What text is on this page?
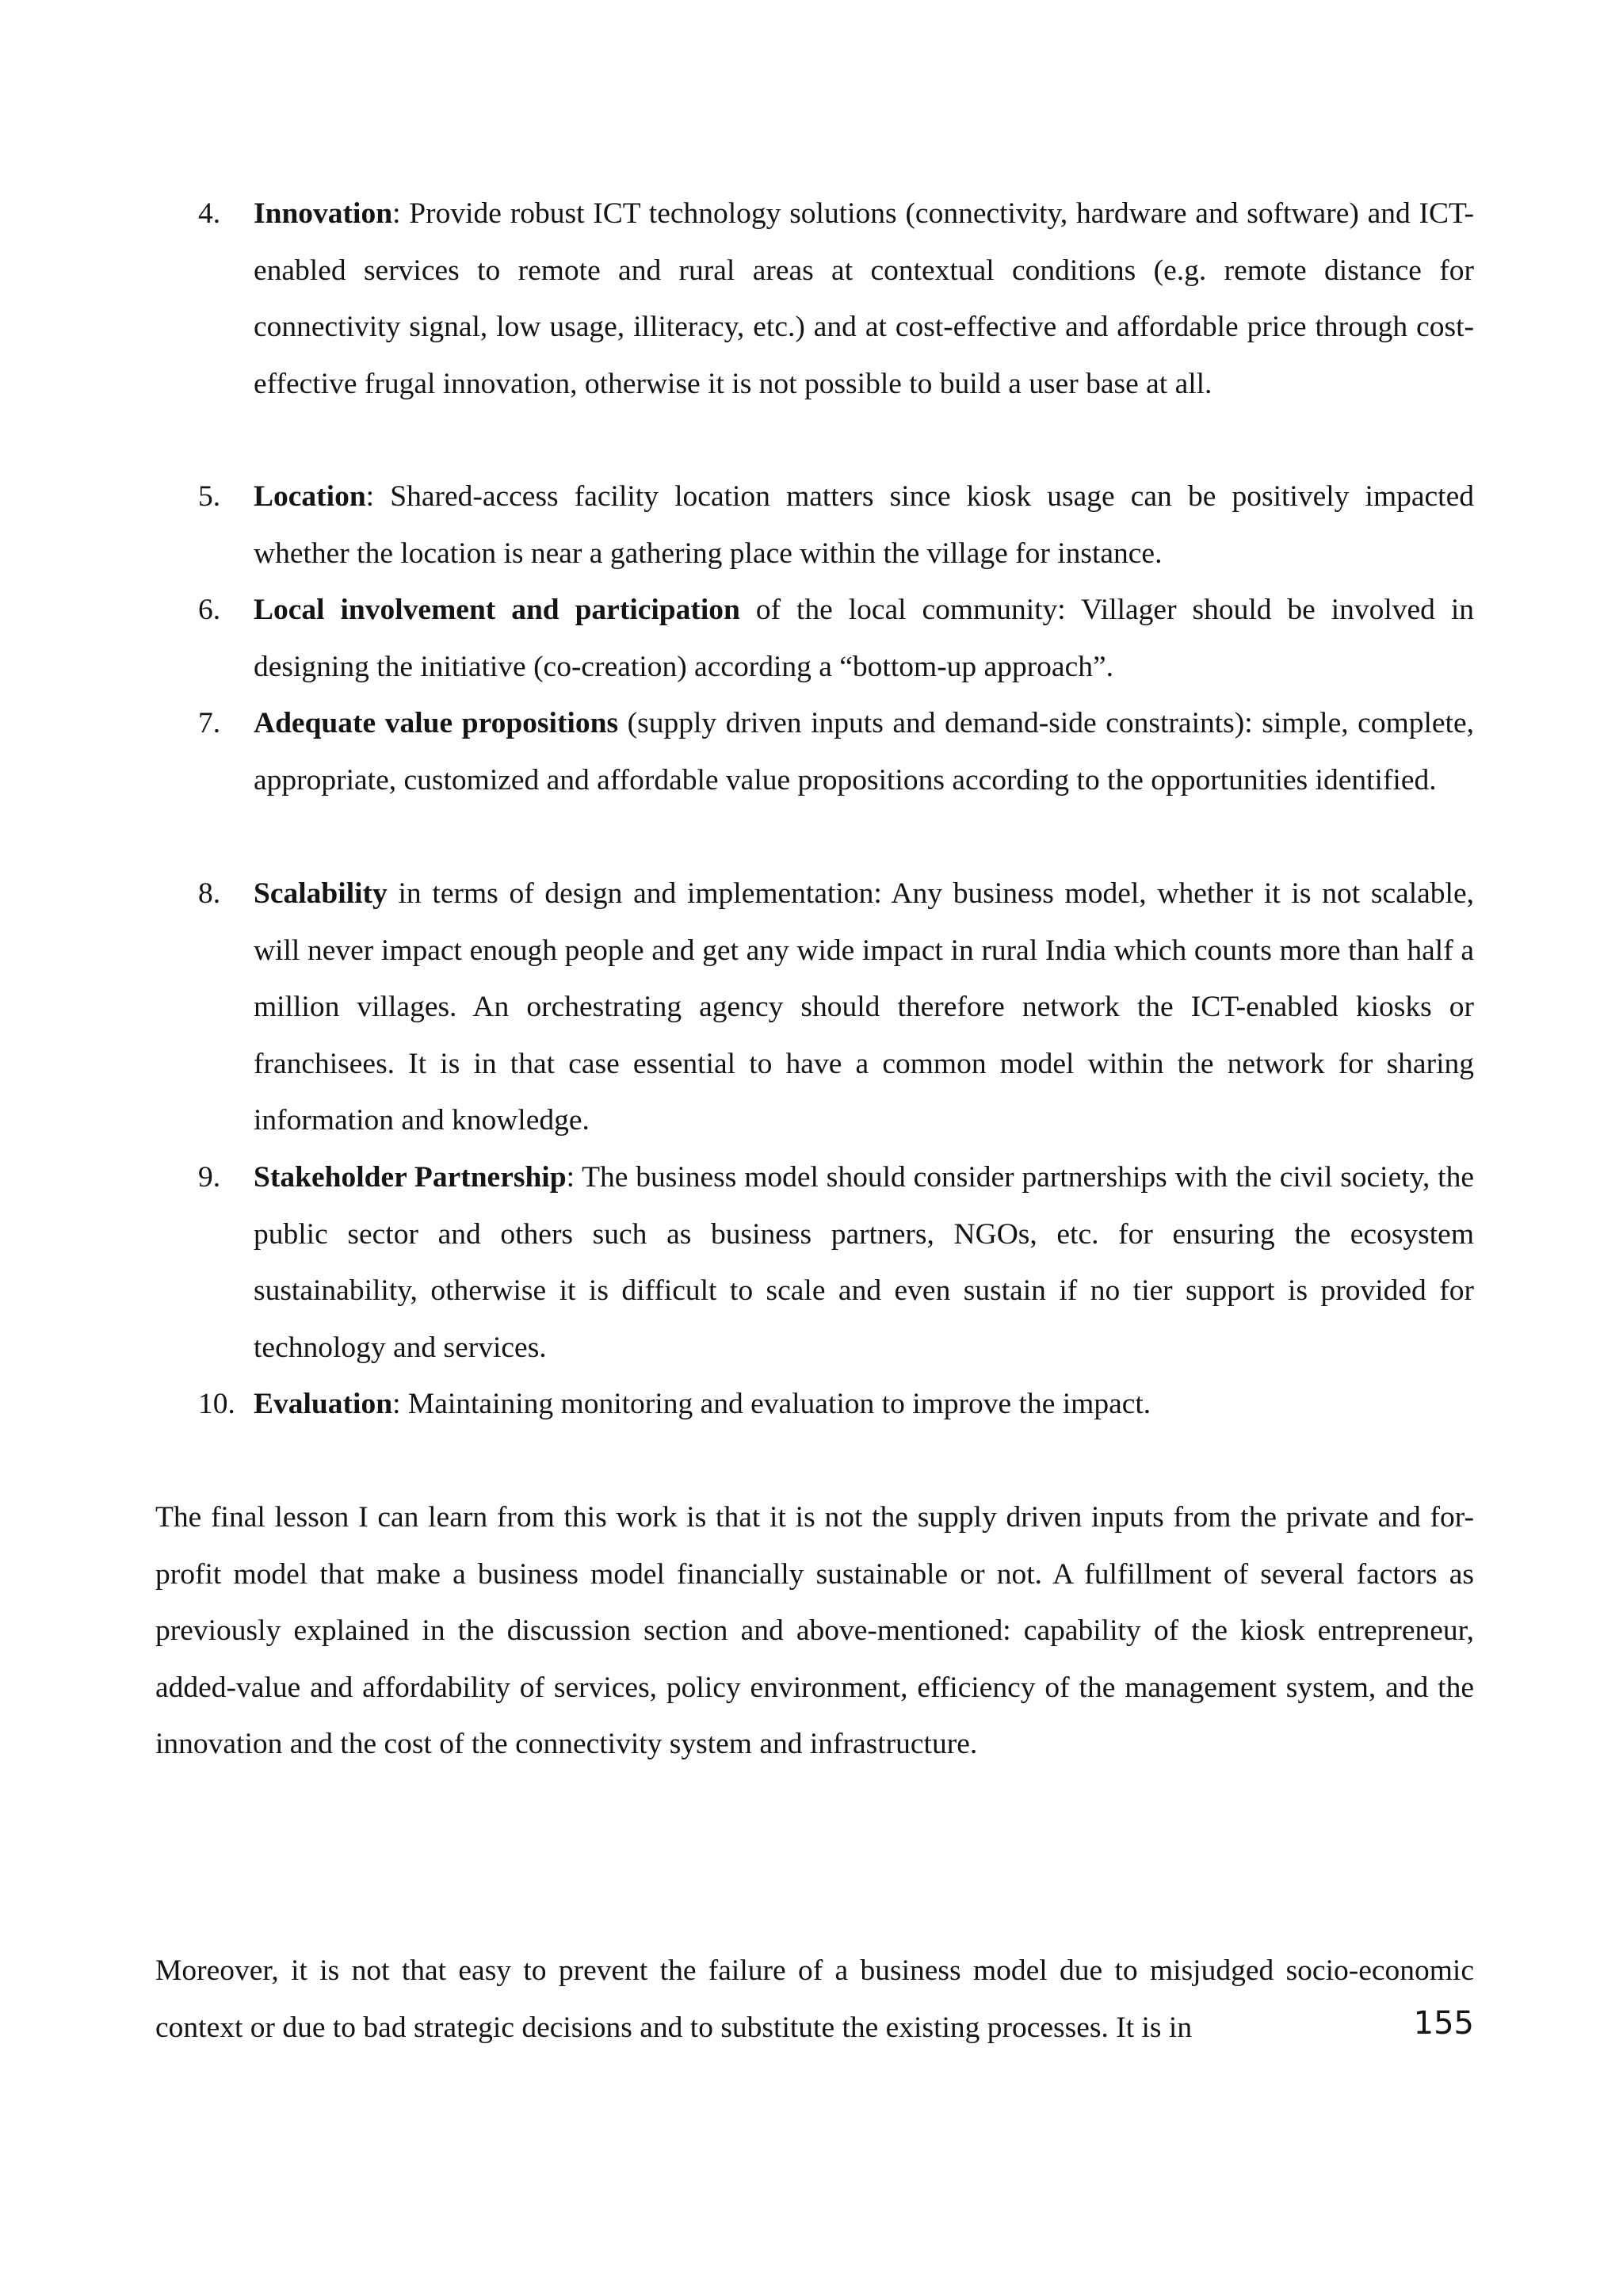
4.	Innovation: Provide robust ICT technology solutions (connectivity, hardware and software) and ICT-enabled services to remote and rural areas at contextual conditions (e.g. remote distance for connectivity signal, low usage, illiteracy, etc.) and at cost-effective and affordable price through cost-effective frugal innovation, otherwise it is not possible to build a user base at all.
5.	Location: Shared-access facility location matters since kiosk usage can be positively impacted whether the location is near a gathering place within the village for instance.
6.	Local involvement and participation of the local community: Villager should be involved in designing the initiative (co-creation) according a “bottom-up approach”.
7.	Adequate value propositions (supply driven inputs and demand-side constraints): simple, complete, appropriate, customized and affordable value propositions according to the opportunities identified.
8.	Scalability in terms of design and implementation: Any business model, whether it is not scalable, will never impact enough people and get any wide impact in rural India which counts more than half a million villages. An orchestrating agency should therefore network the ICT-enabled kiosks or franchisees. It is in that case essential to have a common model within the network for sharing information and knowledge.
9.	Stakeholder Partnership: The business model should consider partnerships with the civil society, the public sector and others such as business partners, NGOs, etc. for ensuring the ecosystem sustainability, otherwise it is difficult to scale and even sustain if no tier support is provided for technology and services.
10. Evaluation: Maintaining monitoring and evaluation to improve the impact.

The final lesson I can learn from this work is that it is not the supply driven inputs from the private and for-profit model that make a business model financially sustainable or not. A fulfillment of several factors as previously explained in the discussion section and above-mentioned: capability of the kiosk entrepreneur, added-value and affordability of services, policy environment, efficiency of the management system, and the innovation and the cost of the connectivity system and infrastructure.

Moreover, it is not that easy to prevent the failure of a business model due to misjudged socio-economic context or due to bad strategic decisions and to substitute the existing processes. It is in	155
